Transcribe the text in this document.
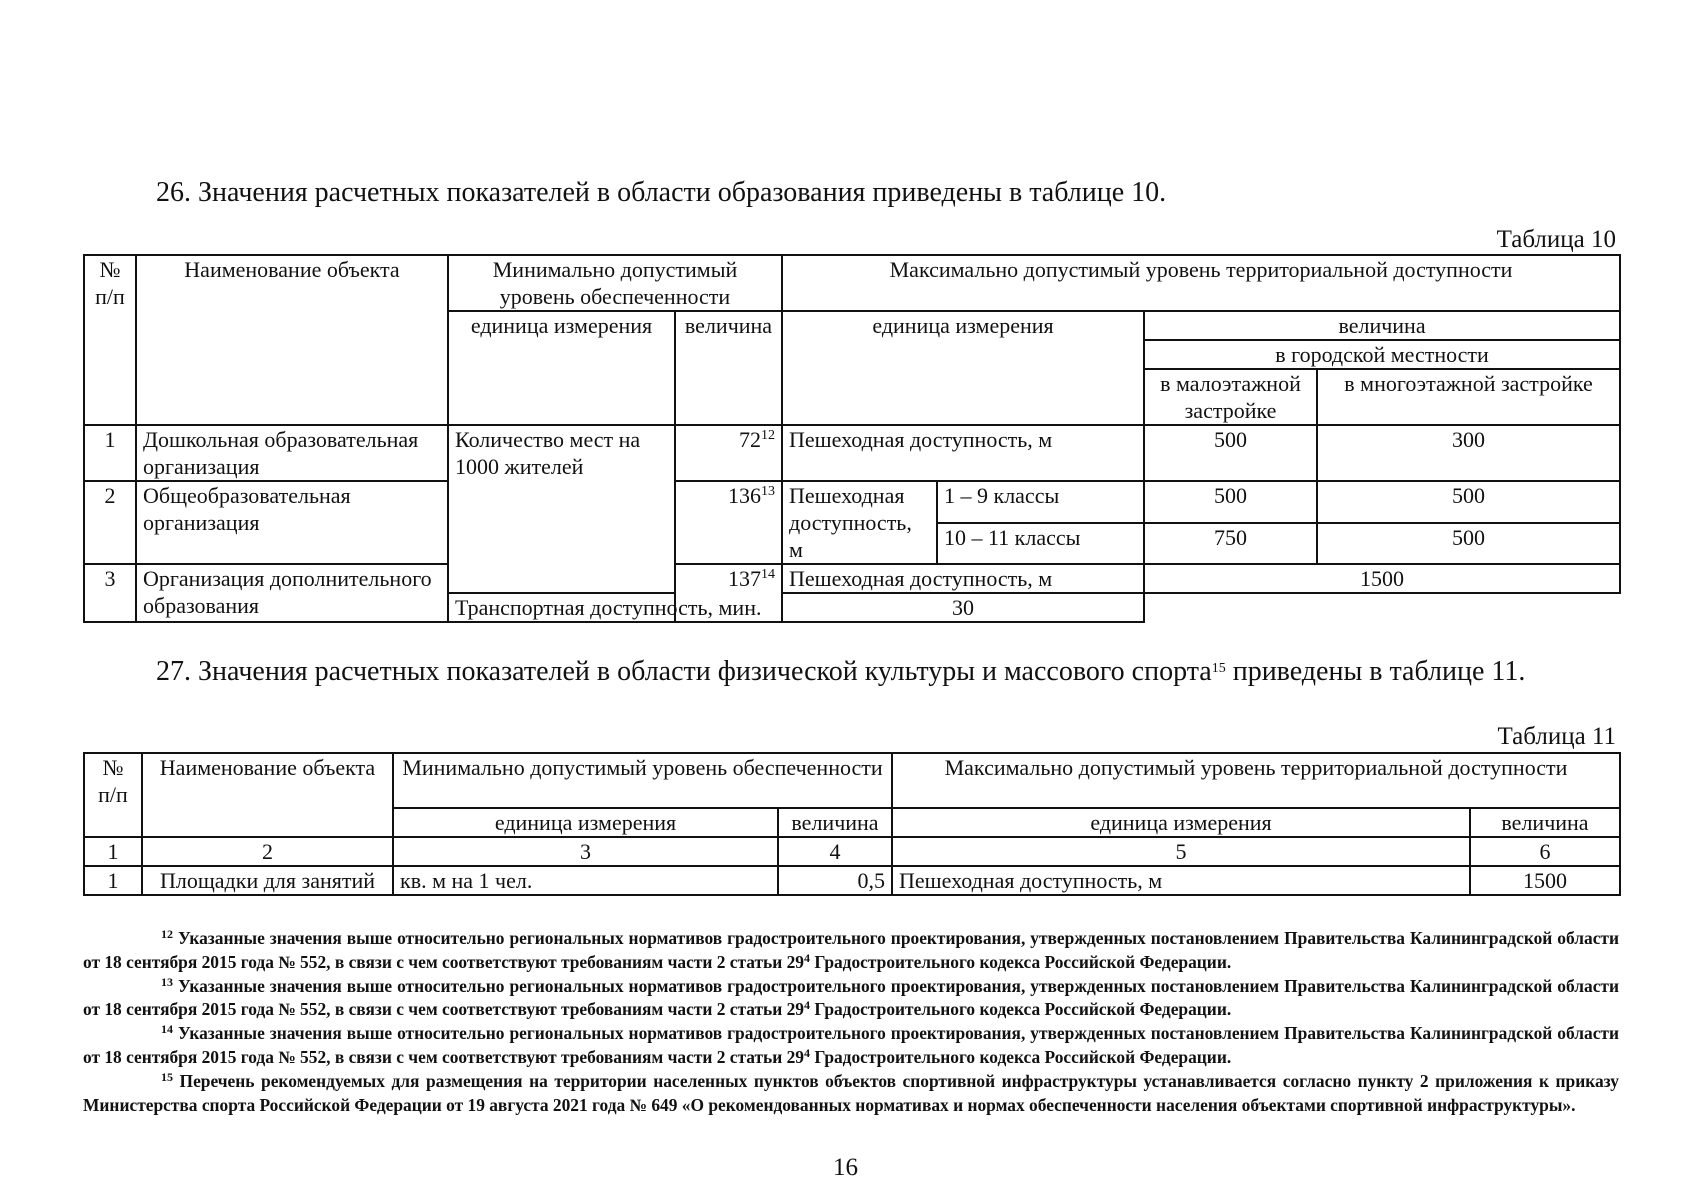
26. Значения расчетных показателей в области образования приведены в таблице 10.
Таблица 10
№ п/п	Наименование объекта	Минимально допустимый уровень обеспеченности		Максимально допустимый уровень территориальной доступности			
		единица измерения	величина	единица измерения		величина	
						в городской местности	
						в малоэтажной застройке	в многоэтажной застройке

1	Дошкольная образовательная организация	Количество мест на 1000 жителей	$72^{12}$	Пешеходная доступность, м		500	300
2	Общеобразовательная организация		$136^{13}$	Пешеходная доступность, м	1 – 9 классы	500	500
					10 – 11 классы	750	500
3	Организация дополнительного образования		$137^{14}$	Пешеходная доступность, м		1500	
		Транспортная доступность, мин.		30			
27. Значения расчетных показателей в области физической культуры и массового спорта$^{15}$ приведены в таблице 11.
Таблица 11
№ п/п	Наименование объекта	Минимально допустимый уровень обеспеченности		Максимально допустимый уровень территориальной доступности	
		единица измерения	величина	единица измерения	величина
1	2	3	4	5	6
1	Площадки для занятий	кв. м на 1 чел.	0,5	Пешеходная доступность, м	1500

$^{12}$ Указанные значения выше относительно региональных нормативов градостроительного проектирования, утвержденных постановлением Правительства Калининградской области от 18 сентября 2015 года № 552, в связи с чем соответствуют требованиям части 2 статьи $29^4$ Градостроительного кодекса Российской Федерации.

$^{13}$ Указанные значения выше относительно региональных нормативов градостроительного проектирования, утвержденных постановлением Правительства Калининградской области от 18 сентября 2015 года № 552, в связи с чем соответствуют требованиям части 2 статьи $29^4$ Градостроительного кодекса Российской Федерации.

$^{14}$ Указанные значения выше относительно региональных нормативов градостроительного проектирования, утвержденных постановлением Правительства Калининградской области от 18 сентября 2015 года № 552, в связи с чем соответствуют требованиям части 2 статьи $29^4$ Градостроительного кодекса Российской Федерации.

$^{15}$ Перечень рекомендуемых для размещения на территории населенных пунктов объектов спортивной инфраструктуры устанавливается согласно пункту 2 приложения к приказу Министерства спорта Российской Федерации от 19 августа 2021 года № 649 «О рекомендованных нормативах и нормах обеспеченности населения объектами спортивной инфраструктуры».

16
